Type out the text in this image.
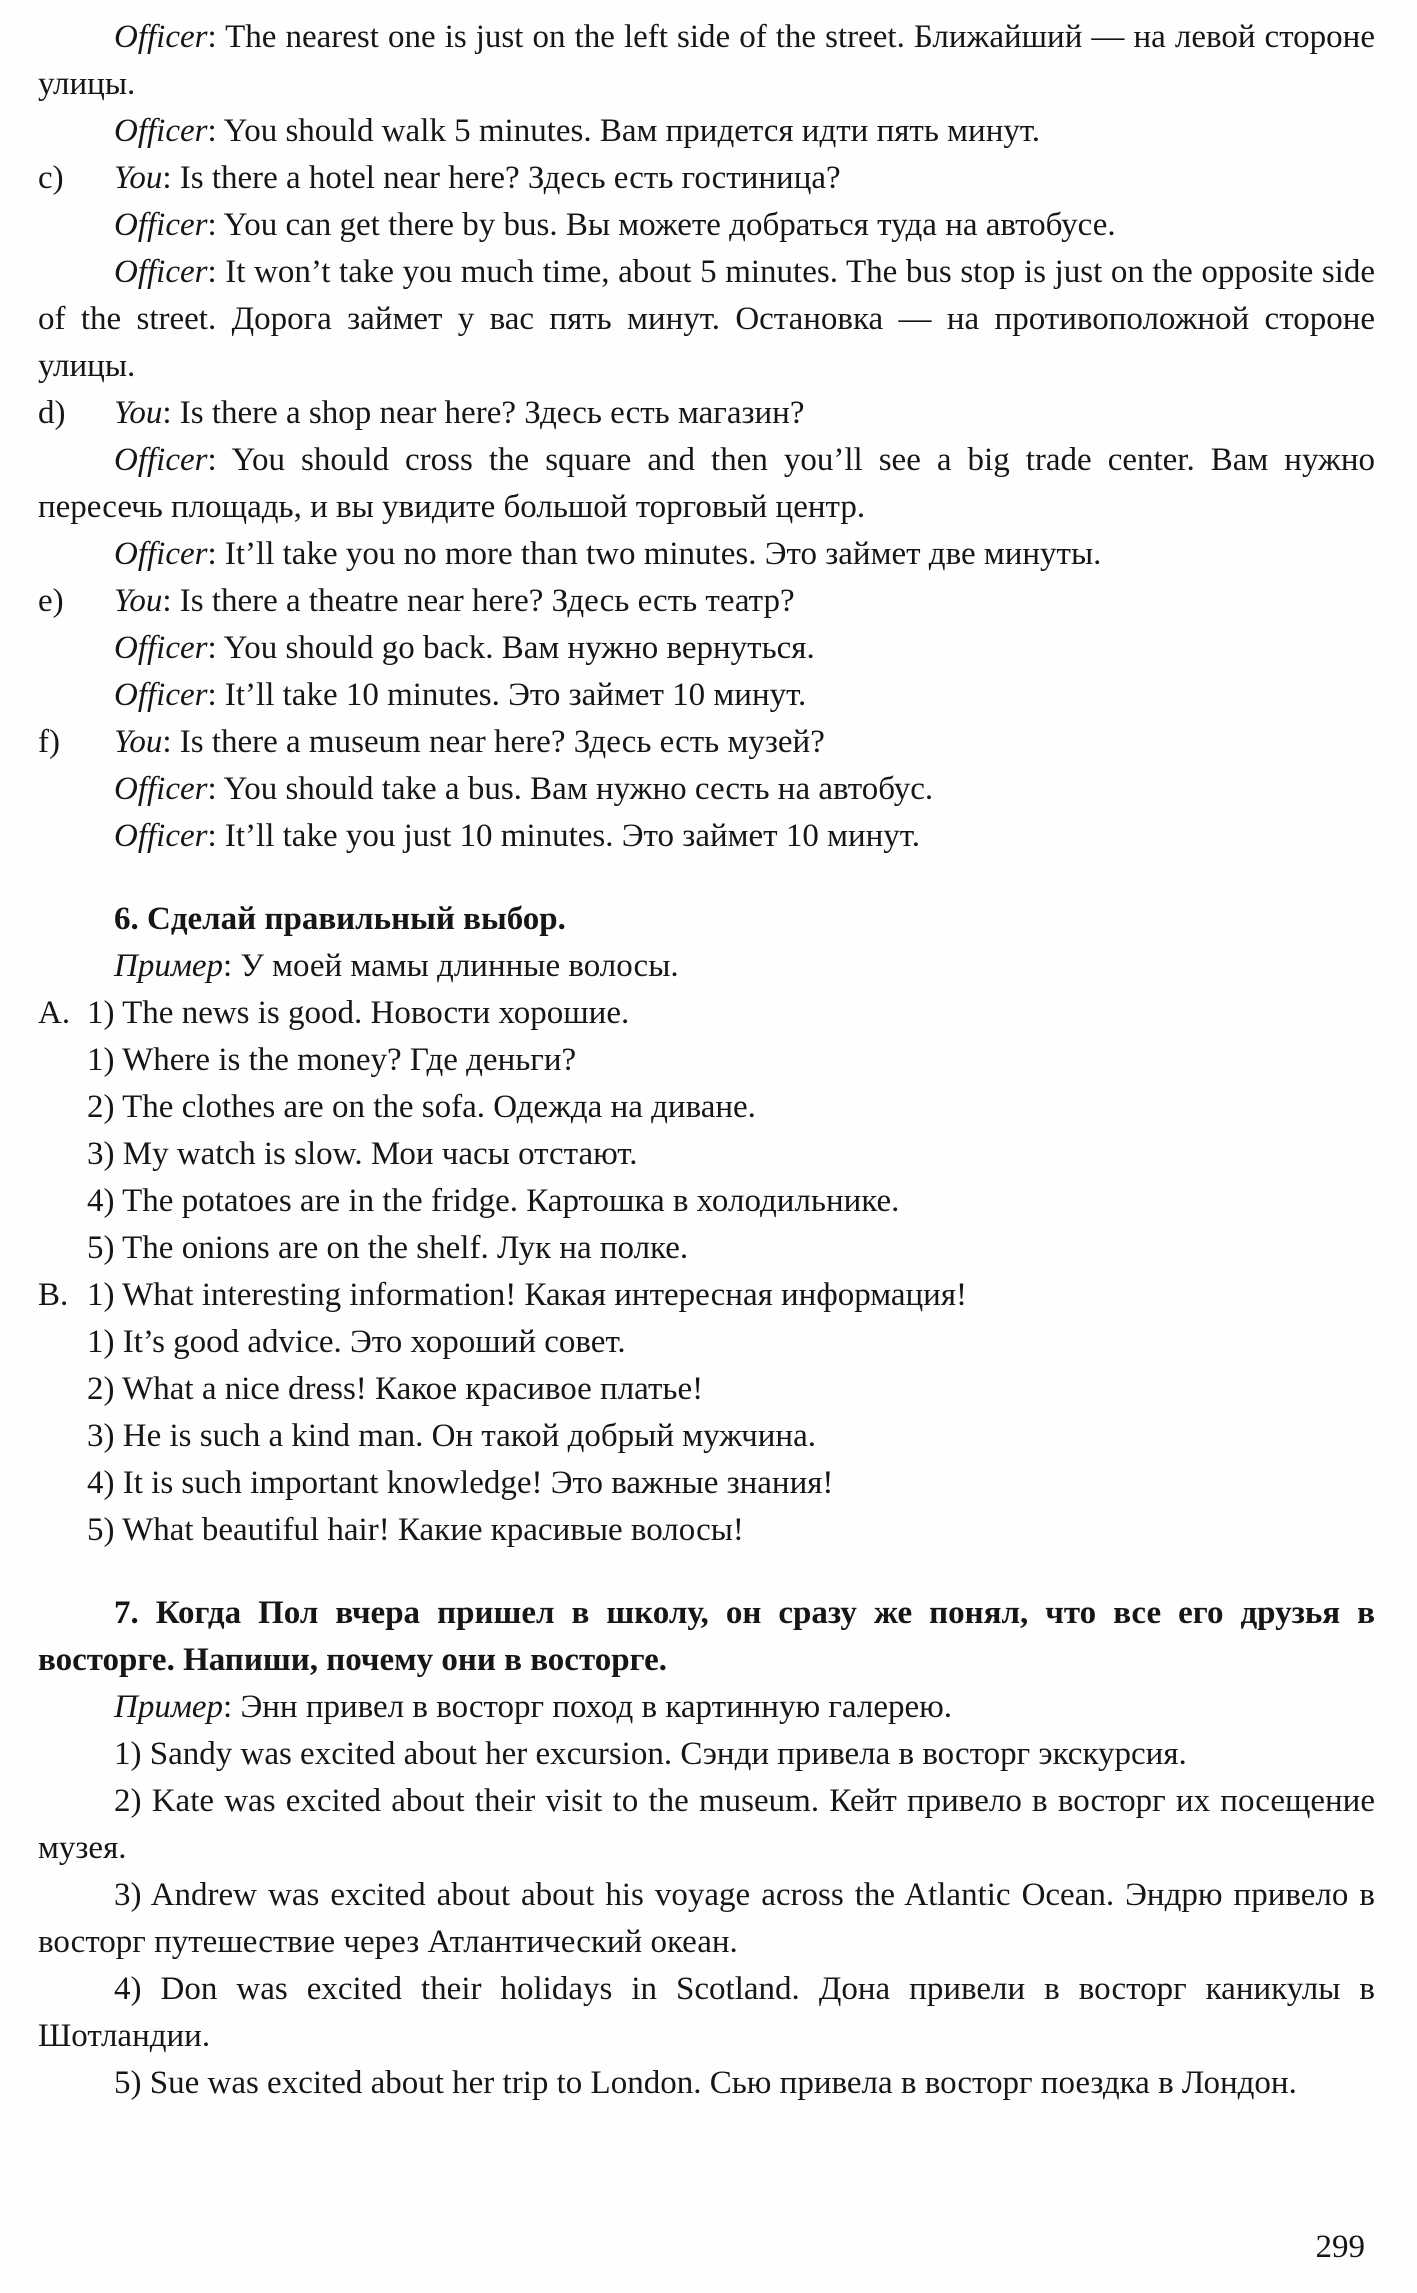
Officer: The nearest one is just on the left side of the street. Ближайший — на левой стороне улицы.

Officer: You should walk 5 minutes. Вам придется идти пять минут.

c) You: Is there a hotel near here? Здесь есть гостиница?

Officer: You can get there by bus. Вы можете добраться туда на автобусе.

Officer: It won’t take you much time, about 5 minutes. The bus stop is just on the opposite side of the street. Дорога займет у вас пять минут. Остановка — на противоположной стороне улицы.

d) You: Is there a shop near here? Здесь есть магазин?

Officer: You should cross the square and then you’ll see a big trade center. Вам нужно пересечь площадь, и вы увидите большой торговый центр.

Officer: It’ll take you no more than two minutes. Это займет две минуты.

e) You: Is there a theatre near here? Здесь есть театр?

Officer: You should go back. Вам нужно вернуться.

Officer: It’ll take 10 minutes. Это займет 10 минут.

f) You: Is there a museum near here? Здесь есть музей?

Officer: You should take a bus. Вам нужно сесть на автобус.

Officer: It’ll take you just 10 minutes. Это займет 10 минут.

6. Сделай правильный выбор.

Пример: У моей мамы длинные волосы.

A. 1) The news is good. Новости хорошие.

1) Where is the money? Где деньги?

2) The clothes are on the sofa. Одежда на диване.

3) My watch is slow. Мои часы отстают.

4) The potatoes are in the fridge. Картошка в холодильнике.

5) The onions are on the shelf. Лук на полке.

B. 1) What interesting information! Какая интересная информация!

1) It’s good advice. Это хороший совет.

2) What a nice dress! Какое красивое платье!

3) He is such a kind man. Он такой добрый мужчина.

4) It is such important knowledge! Это важные знания!

5) What beautiful hair! Какие красивые волосы!

7. Когда Пол вчера пришел в школу, он сразу же понял, что все его друзья в восторге. Напиши, почему они в восторге.

Пример: Энн привел в восторг поход в картинную галерею.

1) Sandy was excited about her excursion. Сэнди привела в восторг экскурсия.

2) Kate was excited about their visit to the museum. Кейт привело в восторг их посещение музея.

3) Andrew was excited about about his voyage across the Atlantic Ocean. Эндрю привело в восторг путешествие через Атлантический океан.

4) Don was excited their holidays in Scotland. Дона привели в восторг каникулы в Шотландии.

5) Sue was excited about her trip to London. Сью привела в восторг поездка в Лондон.

299
